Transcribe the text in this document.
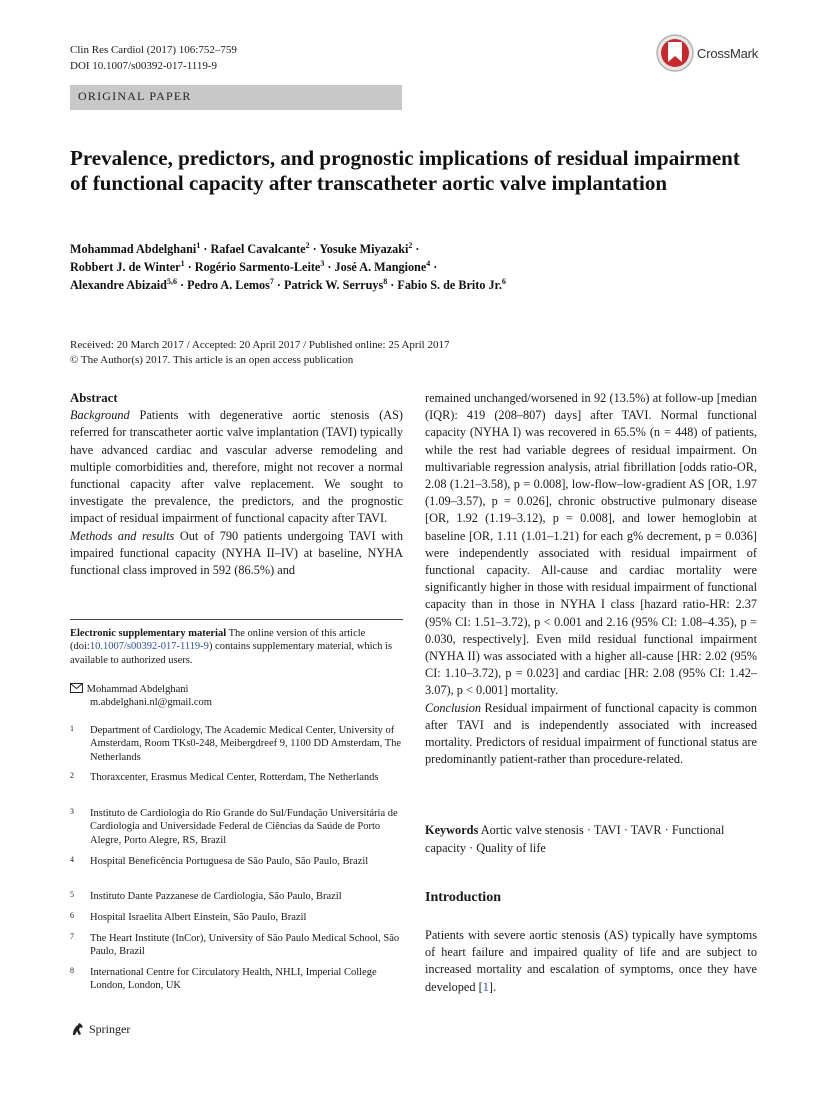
Clin Res Cardiol (2017) 106:752–759
DOI 10.1007/s00392-017-1119-9
CrossMark
ORIGINAL PAPER
Prevalence, predictors, and prognostic implications of residual impairment of functional capacity after transcatheter aortic valve implantation
Mohammad Abdelghani$^1$ · Rafael Cavalcante$^2$ · Yosuke Miyazaki$^2$ ·
Robbert J. de Winter$^1$ · Rogério Sarmento-Leite$^3$ · José A. Mangione$^4$ ·
Alexandre Abizaid$^{5,6}$ · Pedro A. Lemos$^7$ · Patrick W. Serruys$^8$ · Fabio S. de Brito Jr.$^6$
Received: 20 March 2017 / Accepted: 20 April 2017 / Published online: 25 April 2017
© The Author(s) 2017. This article is an open access publication
Abstract
Background Patients with degenerative aortic stenosis (AS) referred for transcatheter aortic valve implantation (TAVI) typically have advanced cardiac and vascular adverse remodeling and multiple comorbidities and, therefore, might not recover a normal functional capacity after valve replacement. We sought to investigate the prevalence, the predictors, and the prognostic impact of residual impairment of functional capacity after TAVI.
Methods and results Out of 790 patients undergoing TAVI with impaired functional capacity (NYHA II–IV) at baseline, NYHA functional class improved in 592 (86.5%) and
Electronic supplementary material The online version of this article (doi:10.1007/s00392-017-1119-9) contains supplementary material, which is available to authorized users.
Mohammad Abdelghani
m.abdelghani.nl@gmail.com
1 Department of Cardiology, The Academic Medical Center, University of Amsterdam, Room TKs0-248, Meibergdreef 9, 1100 DD Amsterdam, The Netherlands
2 Thoraxcenter, Erasmus Medical Center, Rotterdam, The Netherlands
3 Instituto de Cardiologia do Rio Grande do Sul/Fundação Universitária de Cardiologia and Universidade Federal de Ciências da Saúde de Porto Alegre, Porto Alegre, RS, Brazil
4 Hospital Beneficência Portuguesa de São Paulo, São Paulo, Brazil
5 Instituto Dante Pazzanese de Cardiologia, São Paulo, Brazil
6 Hospital Israelita Albert Einstein, São Paulo, Brazil
7 The Heart Institute (InCor), University of São Paulo Medical School, São Paulo, Brazil
8 International Centre for Circulatory Health, NHLI, Imperial College London, London, UK
remained unchanged/worsened in 92 (13.5%) at follow-up [median (IQR): 419 (208–807) days] after TAVI. Normal functional capacity (NYHA I) was recovered in 65.5% (n = 448) of patients, while the rest had variable degrees of residual impairment. On multivariable regression analysis, atrial fibrillation [odds ratio-OR, 2.08 (1.21–3.58), p = 0.008], low-flow–low-gradient AS [OR, 1.97 (1.09–3.57), p = 0.026], chronic obstructive pulmonary disease [OR, 1.92 (1.19–3.12), p = 0.008], and lower hemoglobin at baseline [OR, 1.11 (1.01–1.21) for each g% decrement, p = 0.036] were independently associated with residual impairment of functional capacity. All-cause and cardiac mortality were significantly higher in those with residual impairment of functional capacity than in those in NYHA I class [hazard ratio-HR: 2.37 (95% CI: 1.51–3.72), p < 0.001 and 2.16 (95% CI: 1.08–4.35), p = 0.030, respectively]. Even mild residual functional impairment (NYHA II) was associated with a higher all-cause [HR: 2.02 (95% CI: 1.10–3.72), p = 0.023] and cardiac [HR: 2.08 (95% CI: 1.42–3.07), p < 0.001] mortality.
Conclusion Residual impairment of functional capacity is common after TAVI and is independently associated with increased mortality. Predictors of residual impairment of functional status are predominantly patient-rather than procedure-related.
Keywords Aortic valve stenosis · TAVI · TAVR · Functional capacity · Quality of life
Introduction
Patients with severe aortic stenosis (AS) typically have symptoms of heart failure and impaired quality of life and are subject to increased mortality and escalation of symptoms, once they have developed [1].
Springer
